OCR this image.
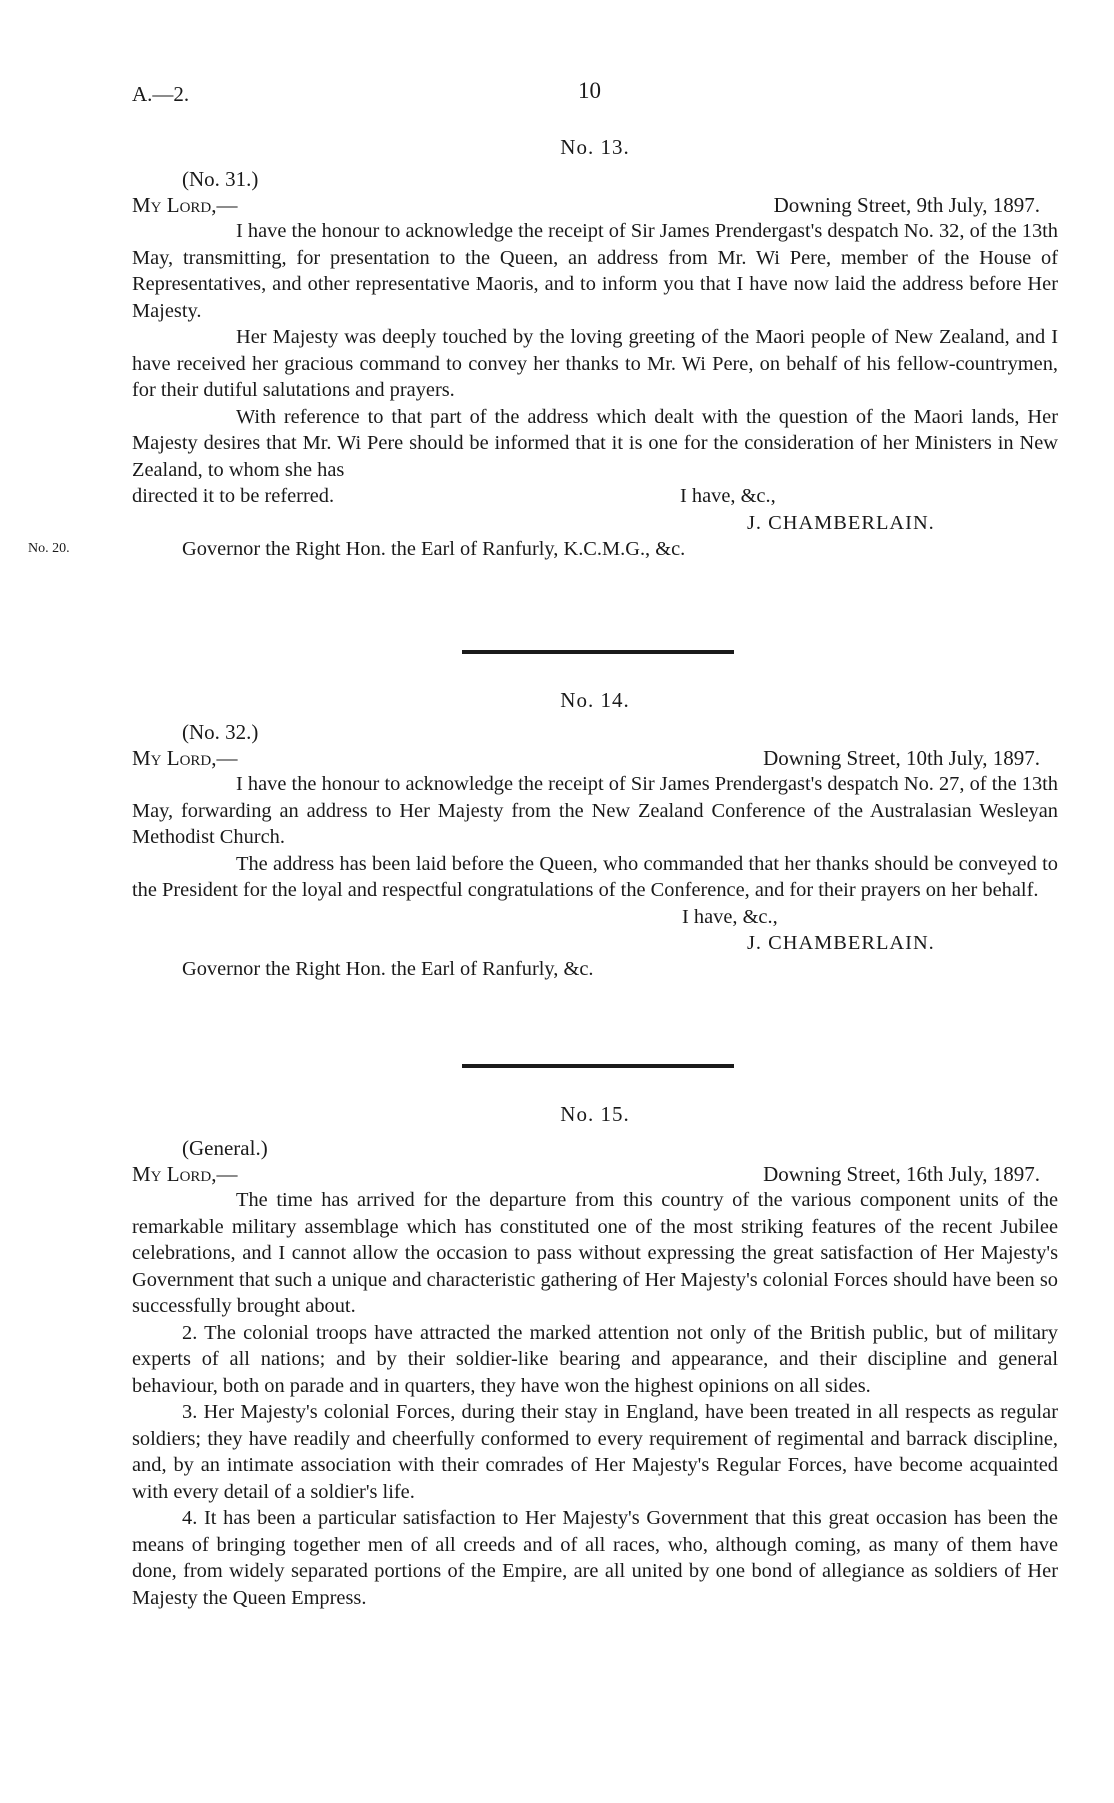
A.—2.	10
No. 13.
(No. 31.)
My Lord,—	Downing Street, 9th July, 1897.

I have the honour to acknowledge the receipt of Sir James Prendergast's despatch No. 32, of the 13th May, transmitting, for presentation to the Queen, an address from Mr. Wi Pere, member of the House of Representatives, and other representative Maoris, and to inform you that I have now laid the address before Her Majesty.

Her Majesty was deeply touched by the loving greeting of the Maori people of New Zealand, and I have received her gracious command to convey her thanks to Mr. Wi Pere, on behalf of his fellow-countrymen, for their dutiful salutations and prayers.

With reference to that part of the address which dealt with the question of the Maori lands, Her Majesty desires that Mr. Wi Pere should be informed that it is one for the consideration of her Ministers in New Zealand, to whom she has

directed it to be referred.	I have, &c.,
J. CHAMBERLAIN.
Governor the Right Hon. the Earl of Ranfurly, K.C.M.G., &c.
No. 20.
No. 14.
(No. 32.)
My Lord,—	Downing Street, 10th July, 1897.

I have the honour to acknowledge the receipt of Sir James Prendergast's despatch No. 27, of the 13th May, forwarding an address to Her Majesty from the New Zealand Conference of the Australasian Wesleyan Methodist Church.

The address has been laid before the Queen, who commanded that her thanks should be conveyed to the President for the loyal and respectful congratulations of the Conference, and for their prayers on her behalf.

I have, &c.,
J. CHAMBERLAIN.
Governor the Right Hon. the Earl of Ranfurly, &c.
No. 15.
(General.)
My Lord,—	Downing Street, 16th July, 1897.

The time has arrived for the departure from this country of the various component units of the remarkable military assemblage which has constituted one of the most striking features of the recent Jubilee celebrations, and I cannot allow the occasion to pass without expressing the great satisfaction of Her Majesty's Government that such a unique and characteristic gathering of Her Majesty's colonial Forces should have been so successfully brought about.

2. The colonial troops have attracted the marked attention not only of the British public, but of military experts of all nations; and by their soldier-like bearing and appearance, and their discipline and general behaviour, both on parade and in quarters, they have won the highest opinions on all sides.

3. Her Majesty's colonial Forces, during their stay in England, have been treated in all respects as regular soldiers; they have readily and cheerfully conformed to every requirement of regimental and barrack discipline, and, by an intimate association with their comrades of Her Majesty's Regular Forces, have become acquainted with every detail of a soldier's life.

4. It has been a particular satisfaction to Her Majesty's Government that this great occasion has been the means of bringing together men of all creeds and of all races, who, although coming, as many of them have done, from widely separated portions of the Empire, are all united by one bond of allegiance as soldiers of Her Majesty the Queen Empress.
